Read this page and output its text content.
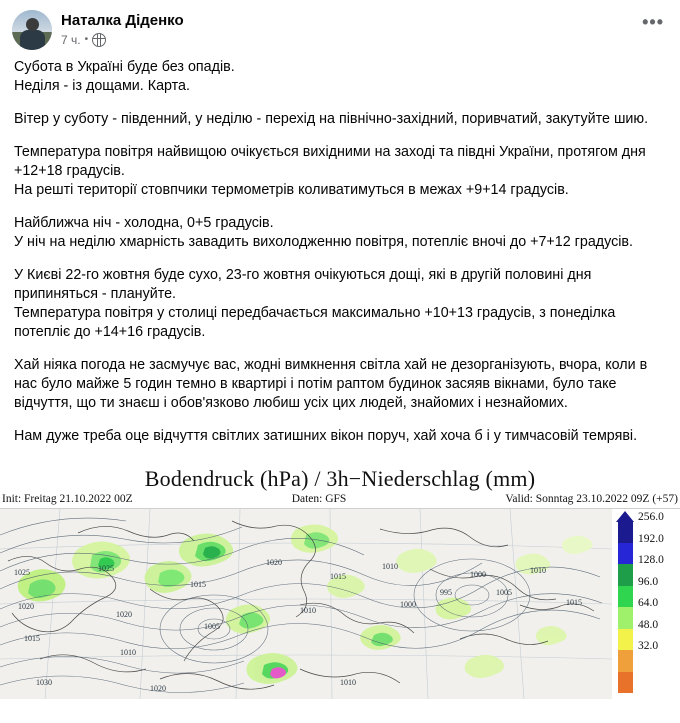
Наталка Діденко
7 ч. •
•••

Субота в Україні буде без опадів.
Неділя - із дощами. Карта.

Вітер у суботу - південний, у неділю - перехід на північно-західний, поривчатий, закутуйте шию.

Температура повітря найвищою очікується вихідними на заході та півдні України, протягом дня +12+18 градусів.
На решті території стовпчики термометрів коливатимуться в межах +9+14 градусів.

Найближча ніч - холодна, 0+5 градусів.
У ніч на неділю хмарність завадить вихолодженню повітря, потепліє вночі до +7+12 градусів.

У Києві 22-го жовтня буде сухо, 23-го жовтня очікуються дощі, які в другій половині дня припиняться - плануйте.
Температура повітря у столиці передбачається максимально +10+13 градусів, з понеділка потепліє до +14+16 градусів.

Хай ніяка погода не засмучує вас, жодні вимкнення світла хай не дезорганізують, вчора, коли в нас було майже 5 годин темно в квартирі і потім раптом будинок засяяв вікнами, було таке відчуття, що ти знаєш і обов'язково любиш усіх цих людей, знайомих і незнайомих.

Нам дуже треба оце відчуття світлих затишних вікон поруч, хай хоча б і у тимчасовій темряві.

Bodendruck (hPa) / 3h−Niederschlag (mm)
Init: Freitag 21.10.2022 00Z	Daten: GFS	Valid: Sonntag 23.10.2022 09Z (+57)
1025
1020
1015
1025
1020
1010
1015
1005
1020
1010
1015
1010
1000
995
1000
1005
1010
1015
1030
1020
1010
256.0
192.0
128.0
96.0
64.0
48.0
32.0
